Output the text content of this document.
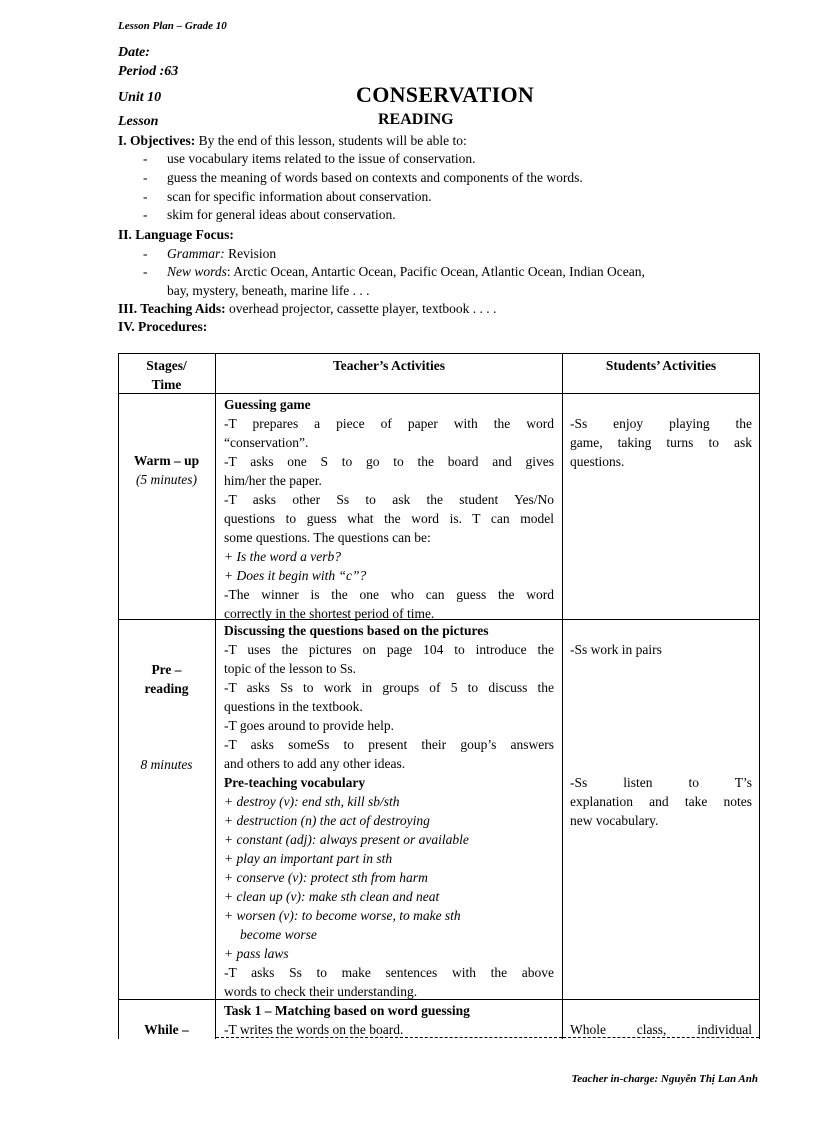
Lesson Plan – Grade 10
Date:
Period :63
Unit 10
Lesson
CONSERVATION
READING
I. Objectives: By the end of this lesson, students will be able to:
- use vocabulary items related to the issue of conservation.
- guess the meaning of words based on contexts and components of the words.
- scan for specific information about conservation.
- skim for general ideas about conservation.
II. Language Focus:
- Grammar: Revision
- New words: Arctic Ocean, Antartic Ocean, Pacific Ocean, Atlantic Ocean, Indian Ocean,
bay, mystery, beneath, marine life . . .
III. Teaching Aids: overhead projector, cassette player, textbook . . . .
IV. Procedures:
Stages/
Time
Teacher’s Activities	Students’ Activities
Warm – up
(5 minutes)
Guessing game
-T prepares a piece of paper with the word
“conservation”.
-T asks one S to go to the board and gives
him/her the paper.
-T asks other Ss to ask the student Yes/No
questions to guess what the word is. T can model
some questions. The questions can be:
+ Is the word a verb?
+ Does it begin with “c”?
-The winner is the one who can guess the word
correctly in the shortest period of time.
-Ss enjoy playing the
game, taking turns to ask
questions.
Pre –
reading
8 minutes
Discussing the questions based on the pictures
-T uses the pictures on page 104 to introduce the
topic of the lesson to Ss.
-T asks Ss to work in groups of 5 to discuss the
questions in the textbook.
-T goes around to provide help.
-T asks someSs to present their goup’s answers
and others to add any other ideas.
Pre-teaching vocabulary
+ destroy (v): end sth, kill sb/sth
+ destruction (n) the act of destroying
+ constant (adj): always present or available
+ play an important part in sth
+ conserve (v): protect sth from harm
+ clean up (v): make sth clean and neat
+ worsen (v): to become worse, to make sth
become worse
+ pass laws
-T asks Ss to make sentences with the above
words to check their understanding.
-Ss work in pairs
-Ss listen to T’s
explanation and take notes
new vocabulary.
While –
Task 1 – Matching based on word guessing
-T writes the words on the board.	Whole class, individual
Teacher in-charge: Nguyễn Thị Lan Anh
